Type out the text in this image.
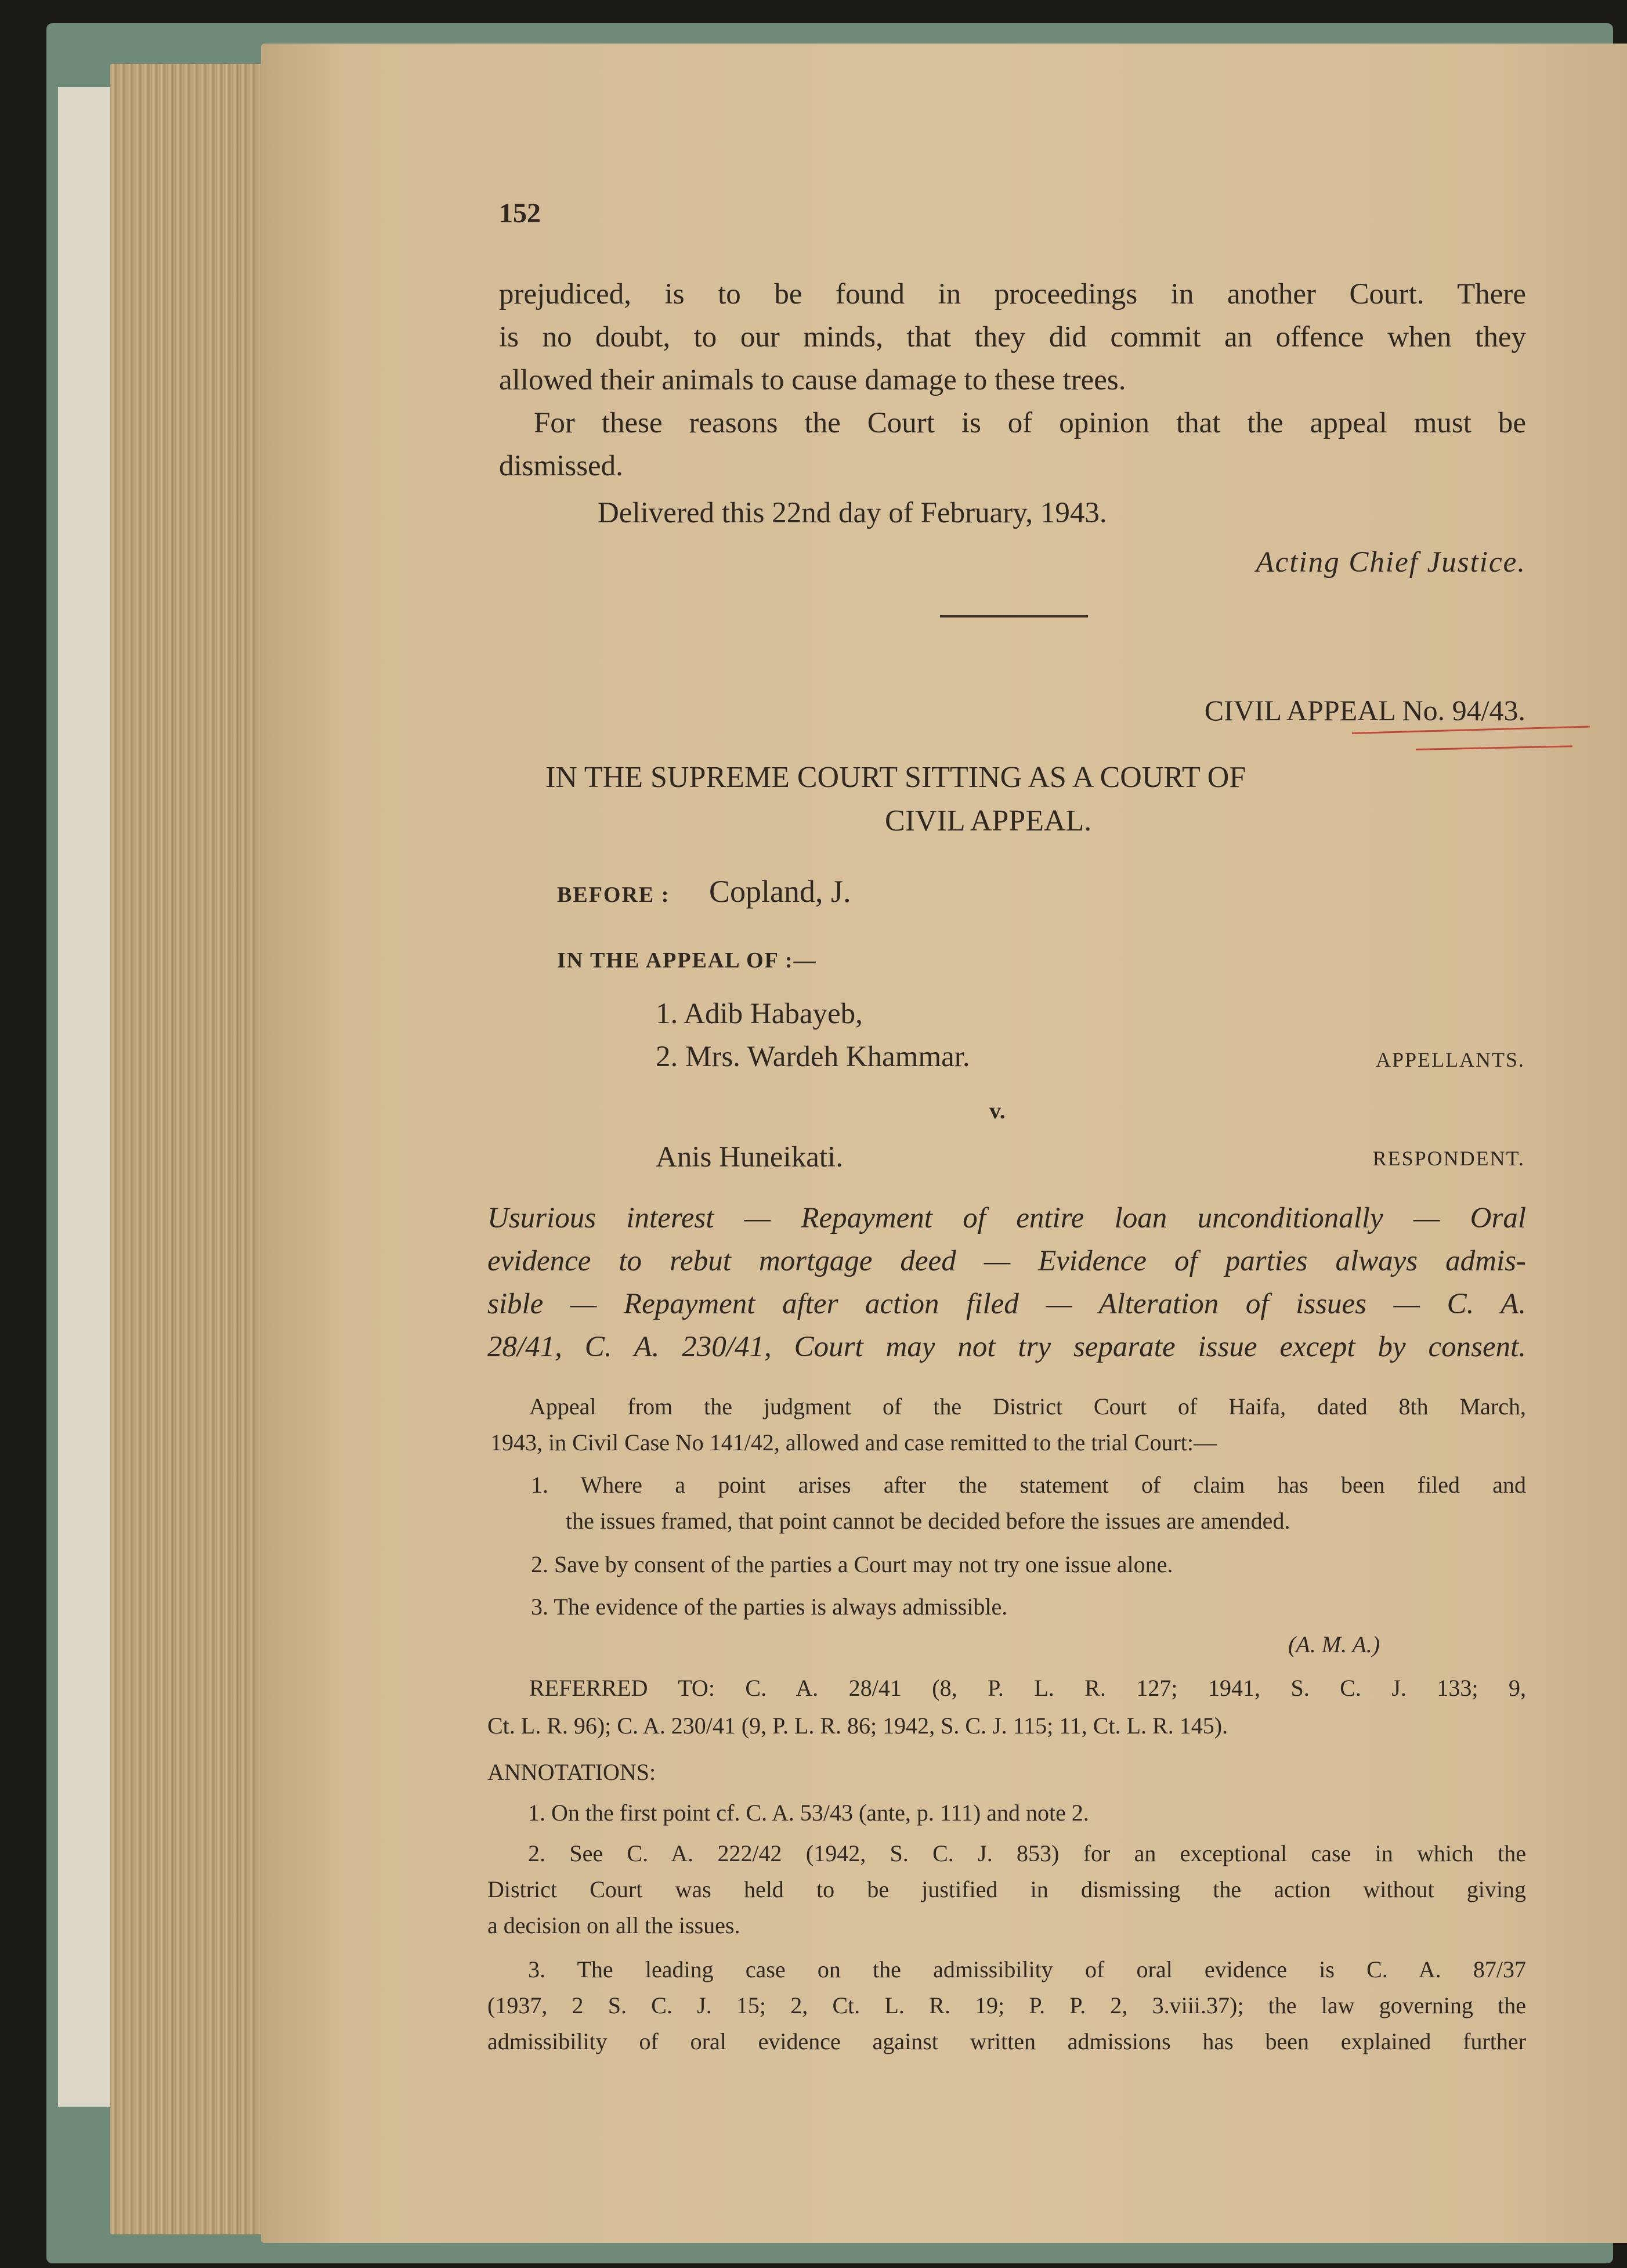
152
prejudiced, is to be found in proceedings in another Court. There
is no doubt, to our minds, that they did commit an offence when they
allowed their animals to cause damage to these trees.
For these reasons the Court is of opinion that the appeal must be
dismissed.
Delivered this 22nd day of February, 1943.
Acting Chief Justice.
CIVIL APPEAL No. 94/43.
IN THE SUPREME COURT SITTING AS A COURT OF
CIVIL APPEAL.
BEFORE : Copland, J.
IN THE APPEAL OF :—
1. Adib Habayeb,
2. Mrs. Wardeh Khammar.	APPELLANTS.
v.
Anis Huneikati.	RESPONDENT.
Usurious interest — Repayment of entire loan unconditionally — Oral
evidence to rebut mortgage deed — Evidence of parties always admis-
sible — Repayment after action filed — Alteration of issues — C. A.
28/41, C. A. 230/41, Court may not try separate issue except by consent.
Appeal from the judgment of the District Court of Haifa, dated 8th March,
1943, in Civil Case No 141/42, allowed and case remitted to the trial Court:—
1. Where a point arises after the statement of claim has been filed and
the issues framed, that point cannot be decided before the issues are amended.
2. Save by consent of the parties a Court may not try one issue alone.
3. The evidence of the parties is always admissible.
(A. M. A.)
REFERRED TO: C. A. 28/41 (8, P. L. R. 127; 1941, S. C. J. 133; 9,
Ct. L. R. 96); C. A. 230/41 (9, P. L. R. 86; 1942, S. C. J. 115; 11, Ct. L. R. 145).
ANNOTATIONS:
1. On the first point cf. C. A. 53/43 (ante, p. 111) and note 2.
2. See C. A. 222/42 (1942, S. C. J. 853) for an exceptional case in which the
District Court was held to be justified in dismissing the action without giving
a decision on all the issues.
3. The leading case on the admissibility of oral evidence is C. A. 87/37
(1937, 2 S. C. J. 15; 2, Ct. L. R. 19; P. P. 2, 3.viii.37); the law governing the
admissibility of oral evidence against written admissions has been explained further
